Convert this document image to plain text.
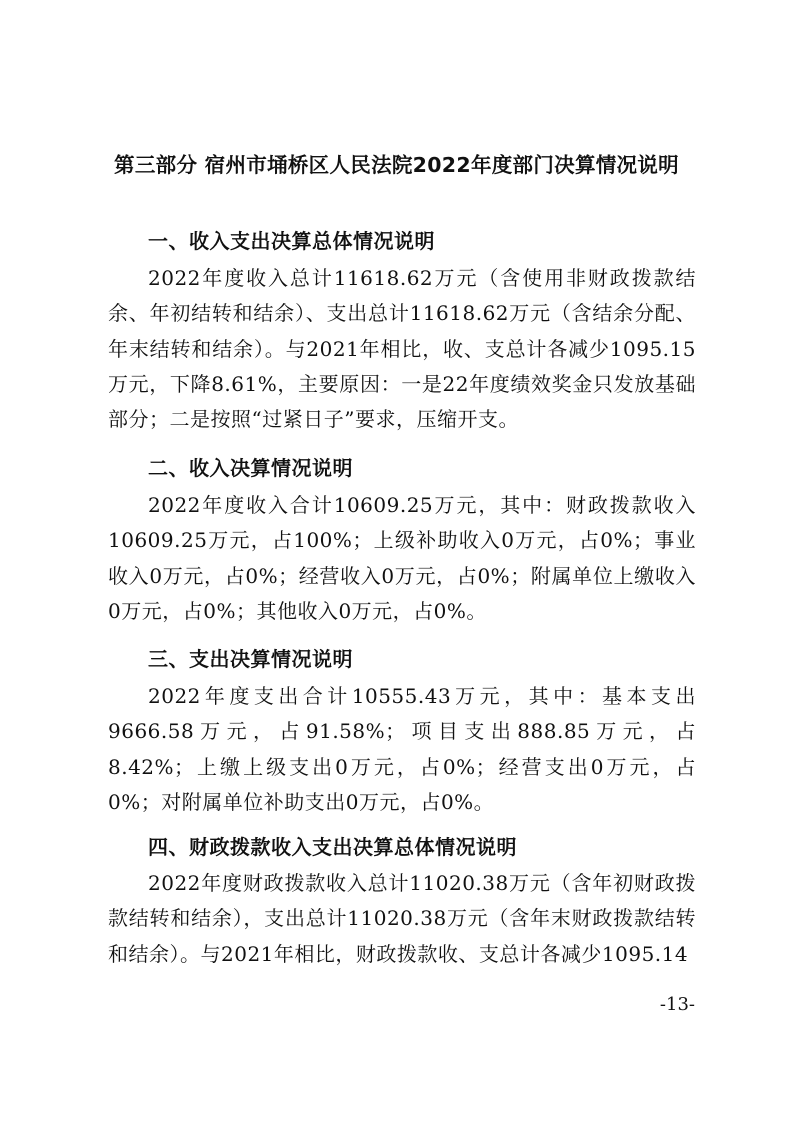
第三部分 宿州市埇桥区人民法院2022年度部门决算情况说明
一、收入支出决算总体情况说明
2022年度收入总计11618.62万元（含使用非财政拨款结余、年初结转和结余）、支出总计11618.62万元（含结余分配、年末结转和结余）。与2021年相比，收、支总计各减少1095.15万元，下降8.61%，主要原因：一是22年度绩效奖金只发放基础部分；二是按照“过紧日子”要求，压缩开支。
二、收入决算情况说明
2022年度收入合计10609.25万元，其中：财政拨款收入10609.25万元，占100%；上级补助收入0万元，占0%；事业收入0万元，占0%；经营收入0万元，占0%；附属单位上缴收入0万元，占0%；其他收入0万元，占0%。
三、支出决算情况说明
2022年度支出合计10555.43万元，其中：基本支出9666.58万元，占91.58%；项目支出888.85万元，占8.42%；上缴上级支出0万元，占0%；经营支出0万元，占0%；对附属单位补助支出0万元，占0%。
四、财政拨款收入支出决算总体情况说明
2022年度财政拨款收入总计11020.38万元（含年初财政拨款结转和结余），支出总计11020.38万元（含年末财政拨款结转和结余）。与2021年相比，财政拨款收、支总计各减少1095.14
-13-
